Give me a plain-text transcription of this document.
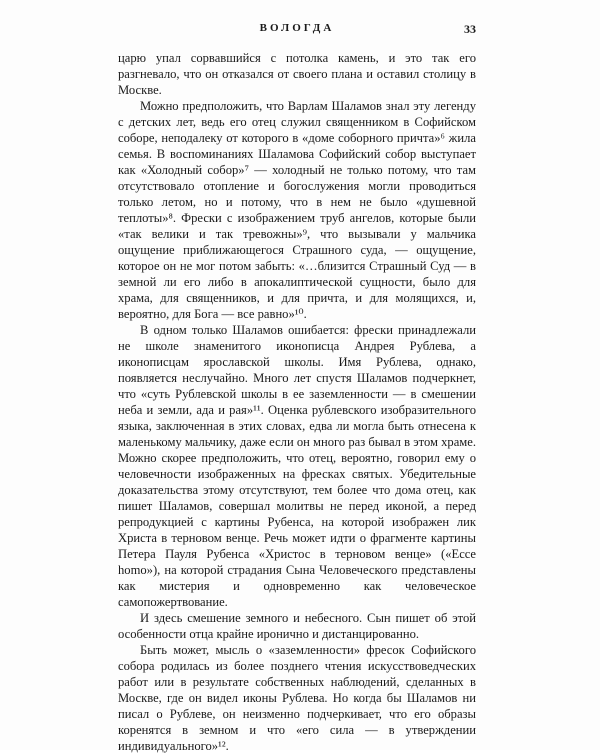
ВОЛОГДА	33

царю упал сорвавшийся с потолка камень, и это так его разгневало, что он отказался от своего плана и оставил столицу в Москве.

Можно предположить, что Варлам Шаламов знал эту легенду с детских лет, ведь его отец служил священником в Софийском соборе, неподалеку от которого в «доме соборного причта»⁶ жила семья. В воспоминаниях Шаламова Софийский собор выступает как «Холодный собор»⁷ — холодный не только потому, что там отсутствовало отопление и богослужения могли проводиться только летом, но и потому, что в нем не было «душевной теплоты»⁸. Фрески с изображением труб ангелов, которые были «так велики и так тревожны»⁹, что вызывали у мальчика ощущение приближающегося Страшного суда, — ощущение, которое он не мог потом забыть: «…близится Страшный Суд — в земной ли его либо в апокалиптической сущности, было для храма, для священников, и для причта, и для молящихся, и, вероятно, для Бога — все равно»¹⁰.

В одном только Шаламов ошибается: фрески принадлежали не школе знаменитого иконописца Андрея Рублева, а иконописцам ярославской школы. Имя Рублева, однако, появляется неслучайно. Много лет спустя Шаламов подчеркнет, что «суть Рублевской школы в ее заземленности — в смешении неба и земли, ада и рая»¹¹. Оценка рублевского изобразительного языка, заключенная в этих словах, едва ли могла быть отнесена к маленькому мальчику, даже если он много раз бывал в этом храме. Можно скорее предположить, что отец, вероятно, говорил ему о человечности изображенных на фресках святых. Убедительные доказательства этому отсутствуют, тем более что дома отец, как пишет Шаламов, совершал молитвы не перед иконой, а перед репродукцией с картины Рубенса, на которой изображен лик Христа в терновом венце. Речь может идти о фрагменте картины Петера Пауля Рубенса «Христос в терновом венце» («Ecce homo»), на которой страдания Сына Человеческого представлены как мистерия и одновременно как человеческое самопожертвование.

И здесь смешение земного и небесного. Сын пишет об этой особенности отца крайне иронично и дистанцированно.

Быть может, мысль о «заземленности» фресок Софийского собора родилась из более позднего чтения искусствоведческих работ или в результате собственных наблюдений, сделанных в Москве, где он видел иконы Рублева. Но когда бы Шаламов ни писал о Рублеве, он неизменно подчеркивает, что его образы коренятся в земном и что «его сила — в утверждении индивидуального»¹².
